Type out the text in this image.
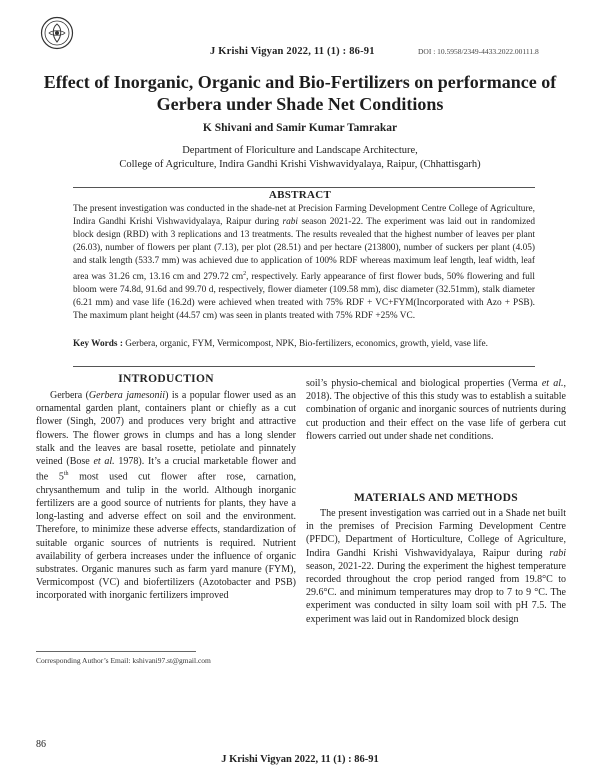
J Krishi Vigyan 2022, 11 (1) : 86-91	DOI : 10.5958/2349-4433.2022.00111.8
Effect of Inorganic, Organic and Bio-Fertilizers on performance of Gerbera under Shade Net Conditions
K Shivani and Samir Kumar Tamrakar
Department of Floriculture and Landscape Architecture,
College of Agriculture, Indira Gandhi Krishi Vishwavidyalaya, Raipur, (Chhattisgarh)
ABSTRACT
The present investigation was conducted in the shade-net at Precision Farming Development Centre College of Agriculture, Indira Gandhi Krishi Vishwavidyalaya, Raipur during rabi season 2021-22. The experiment was laid out in randomized block design (RBD) with 3 replications and 13 treatments. The results revealed that the highest number of leaves per plant (26.03), number of flowers per plant (7.13), per plot (28.51) and per hectare (213800), number of suckers per plant (4.05) and stalk length (533.7 mm) was achieved due to application of 100% RDF whereas maximum leaf length, leaf width, leaf area was 31.26 cm, 13.16 cm and 279.72 $cm^2$, respectively. Early appearance of first flower buds, 50% flowering and full bloom were 74.8d, 91.6d and 99.70 d, respectively, flower diameter (109.58 mm), disc diameter (32.51mm), stalk diameter (6.21 mm) and vase life (16.2d) were achieved when treated with 75% RDF + VC+FYM(Incorporated with Azo + PSB). The maximum plant height (44.57 cm) was seen in plants treated with 75% RDF +25% VC.
Key Words : Gerbera, organic, FYM, Vermicompost, NPK, Bio-fertilizers, economics, growth, yield, vase life.
INTRODUCTION
Gerbera (Gerbera jamesonii) is a popular flower used as an ornamental garden plant, containers plant or chiefly as a cut flower (Singh, 2007) and produces very bright and attractive flowers. The flower grows in clumps and has a long slender stalk and the leaves are basal rosette, petiolate and pinnately veined (Bose et al. 1978). It’s a crucial marketable flower and the 5th most used cut flower after rose, carnation, chrysanthemum and tulip in the world. Although inorganic fertilizers are a good source of nutrients for plants, they have a long-lasting and adverse effect on soil and the environment. Therefore, to minimize these adverse effects, standardization of suitable organic sources of nutrients is required. Nutrient availability of gerbera increases under the influence of organic substrates. Organic manures such as farm yard manure (FYM), Vermicompost (VC) and biofertilizers (Azotobacter and PSB) incorporated with inorganic fertilizers improved
soil’s physio-chemical and biological properties (Verma et al., 2018). The objective of this this study was to establish a suitable combination of organic and inorganic sources of nutrients during cut production and their effect on the vase life of gerbera cut flowers carried out under shade net conditions.
MATERIALS AND METHODS
The present investigation was carried out in a Shade net built in the premises of Precision Farming Development Centre (PFDC), Department of Horticulture, College of Agriculture, Indira Gandhi Krishi Vishwavidyalaya, Raipur during rabi season, 2021-22. During the experiment the highest temperature recorded throughout the crop period ranged from 19.8°C to 29.6°C. and minimum temperatures may drop to 7 to 9 °C. The experiment was conducted in silty loam soil with pH 7.5. The experiment was laid out in Randomized block design
Corresponding Author’s Email: kshivani97.st@gmail.com
86
J Krishi Vigyan 2022, 11 (1) : 86-91
